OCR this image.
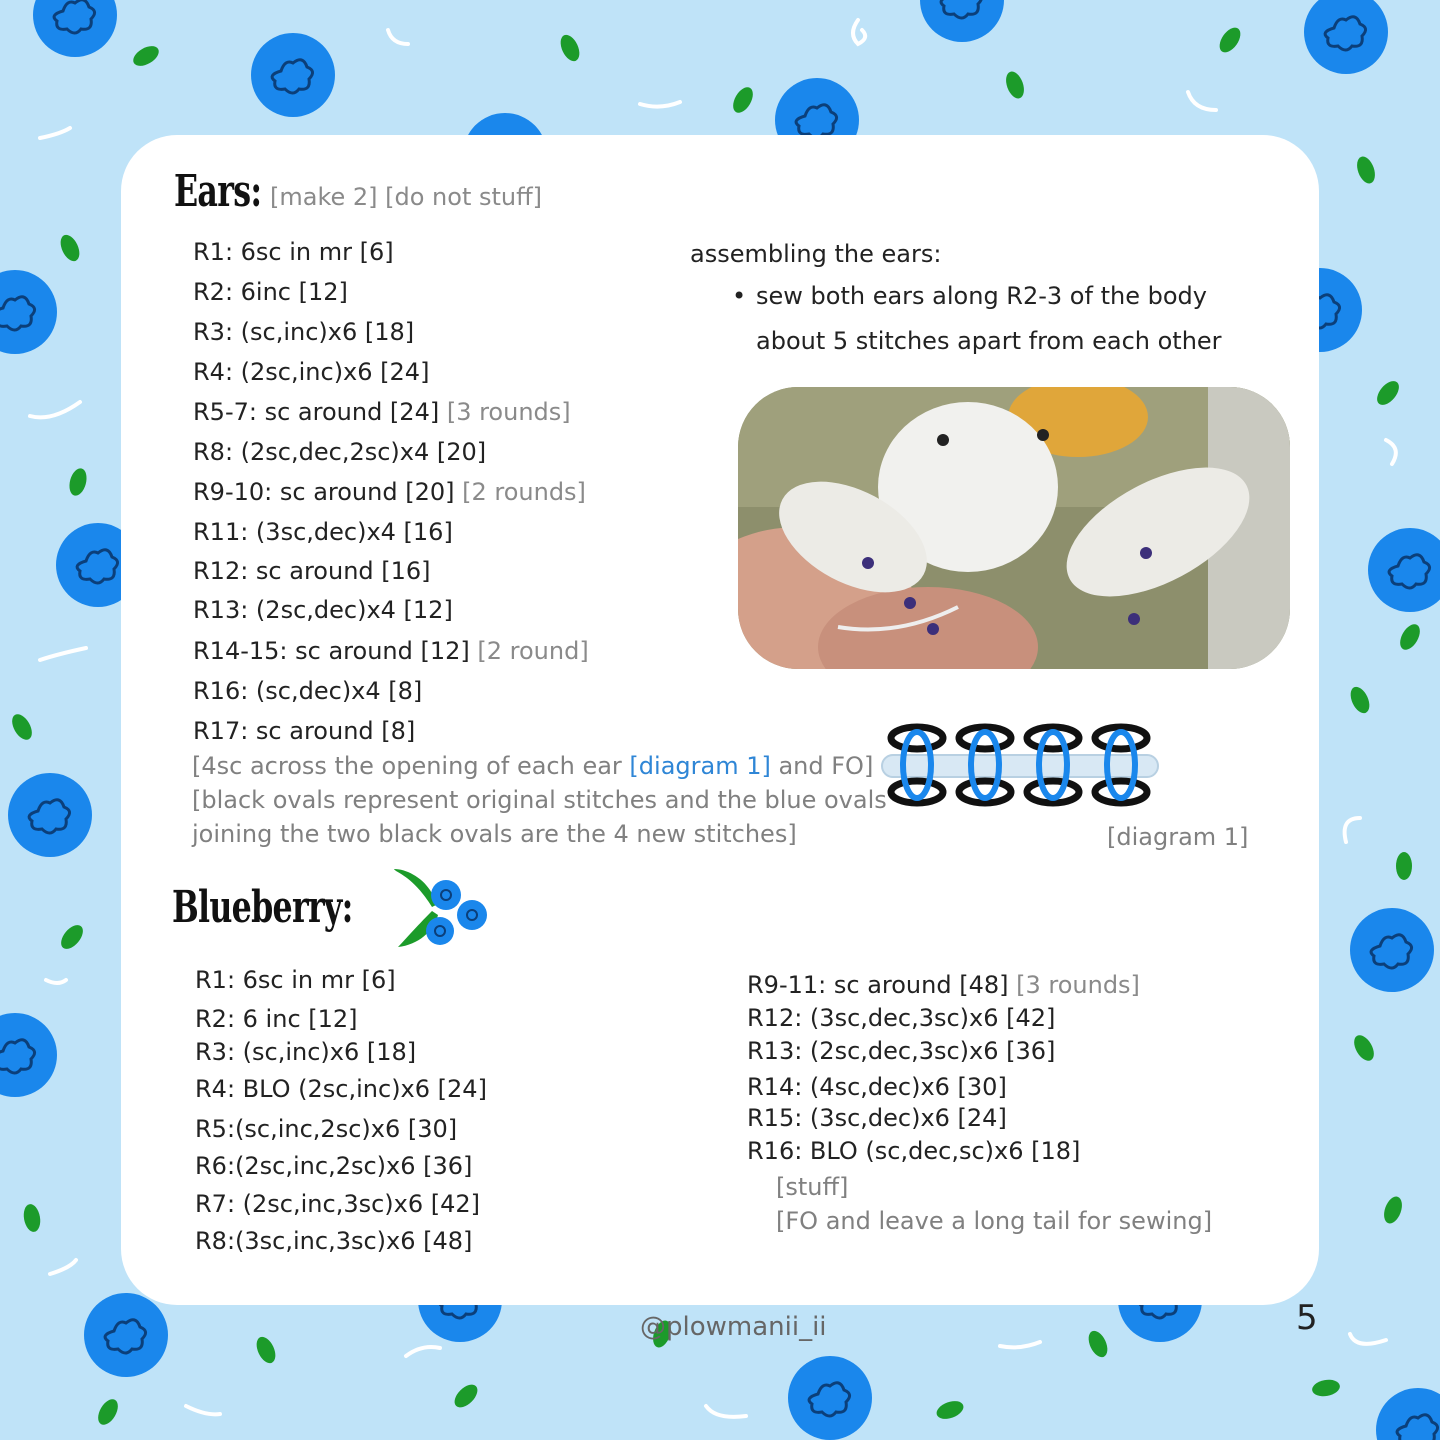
Ears: [make 2] [do not stuff]
R1: 6sc in mr [6]
R2: 6inc [12]
R3: (sc,inc)x6 [18]
R4: (2sc,inc)x6 [24]
R5-7: sc around [24] [3 rounds]
R8: (2sc,dec,2sc)x4 [20]
R9-10: sc around [20] [2 rounds]
R11: (3sc,dec)x4 [16]
R12: sc around [16]
R13: (2sc,dec)x4 [12]
R14-15: sc around [12] [2 round]
R16: (sc,dec)x4 [8]
R17: sc around [8]
[4sc across the opening of each ear [diagram 1] and FO]
[black ovals represent original stitches and the blue ovals
joining the two black ovals are the 4 new stitches]
assembling the ears:
• sew both ears along R2-3 of the body
about 5 stitches apart from each other
[diagram 1]
Blueberry:
R1: 6sc in mr [6]
R2: 6 inc [12]
R3: (sc,inc)x6 [18]
R4: BLO (2sc,inc)x6 [24]
R5:(sc,inc,2sc)x6 [30]
R6:(2sc,inc,2sc)x6 [36]
R7: (2sc,inc,3sc)x6 [42]
R8:(3sc,inc,3sc)x6 [48]
R9-11: sc around [48] [3 rounds]
R12: (3sc,dec,3sc)x6 [42]
R13: (2sc,dec,3sc)x6 [36]
R14: (4sc,dec)x6 [30]
R15: (3sc,dec)x6 [24]
R16: BLO (sc,dec,sc)x6 [18]
[stuff]
[FO and leave a long tail for sewing]
@plowmanii_ii	5
